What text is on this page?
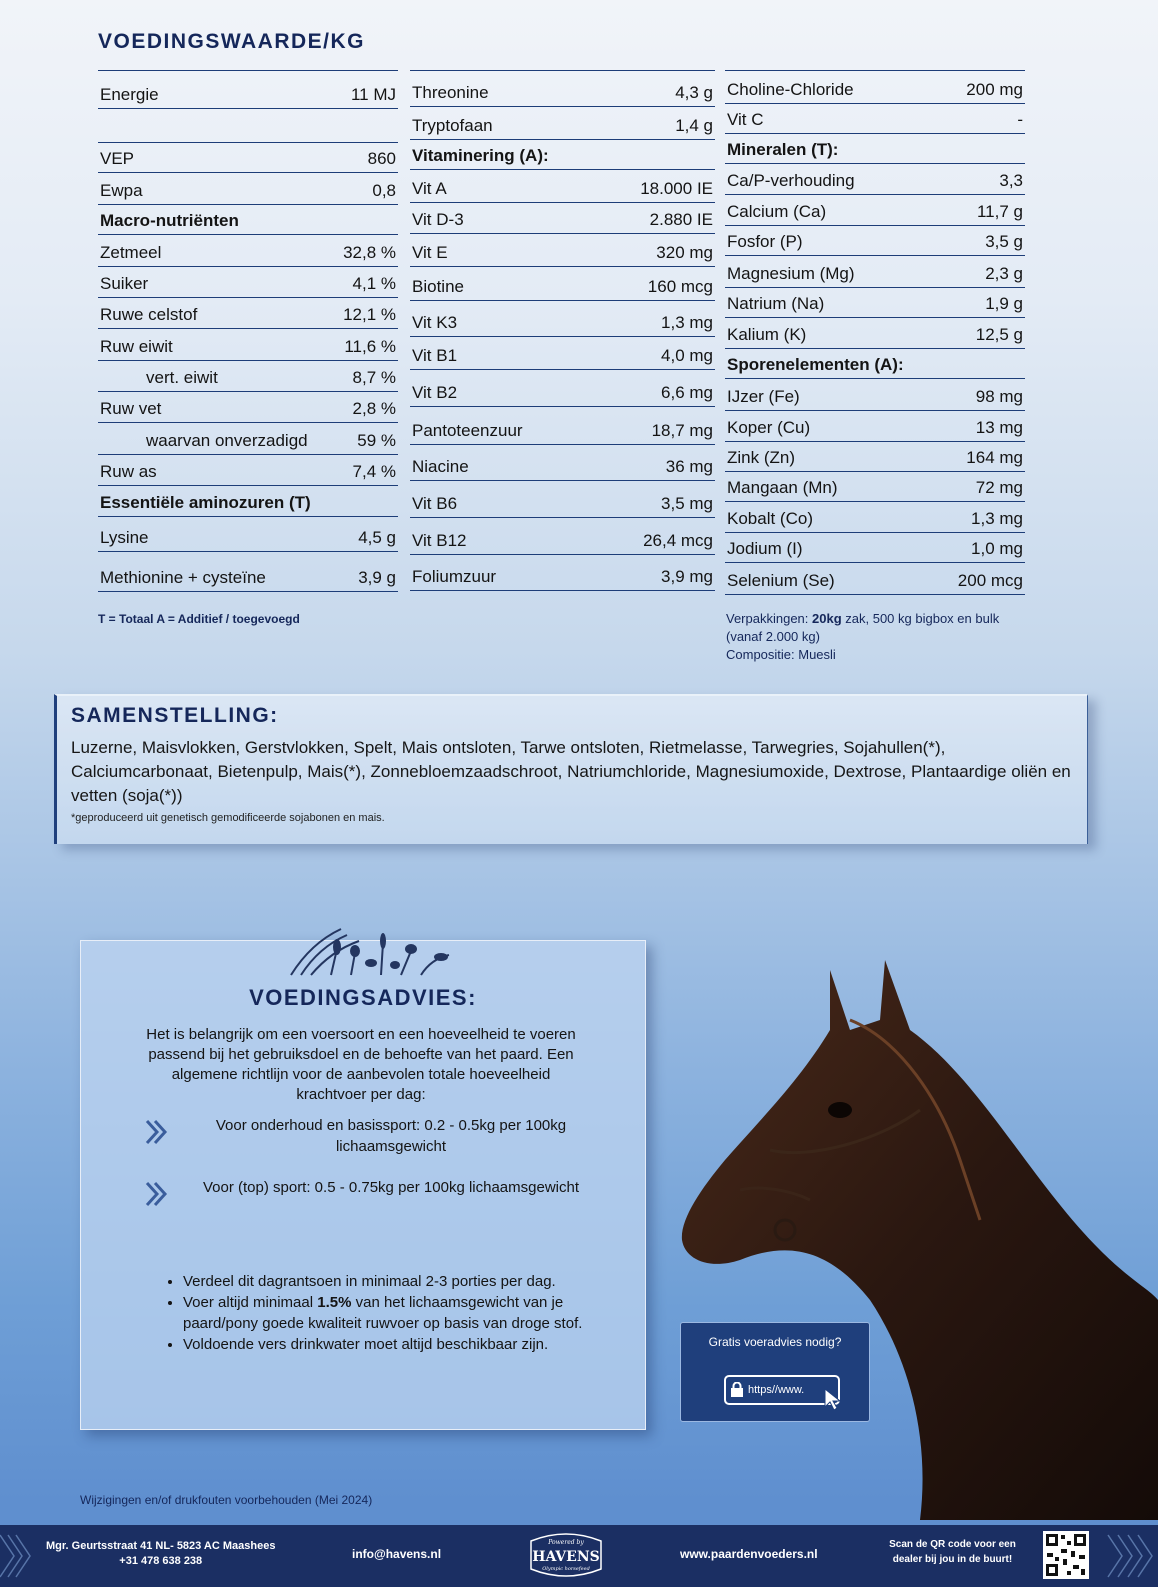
VOEDINGSWAARDE/KG
Energie	11 MJ
VEP	860
Ewpa	0,8
Macro-nutriënten
Zetmeel	32,8 %
Suiker	4,1 %
Ruwe celstof	12,1 %
Ruw eiwit	11,6 %
vert. eiwit	8,7 %
Ruw vet	2,8 %
waarvan onverzadigd	59 %
Ruw as	7,4 %
Essentiële aminozuren (T)
Lysine	4,5 g
Methionine + cysteïne	3,9 g
Threonine	4,3 g
Tryptofaan	1,4 g
Vitaminering (A):
Vit A	18.000 IE
Vit D-3	2.880 IE
Vit E	320 mg
Biotine	160 mcg
Vit K3	1,3 mg
Vit B1	4,0 mg
Vit B2	6,6 mg
Pantoteenzuur	18,7 mg
Niacine	36 mg
Vit B6	3,5 mg
Vit B12	26,4 mcg
Foliumzuur	3,9 mg
Choline-Chloride	200 mg
Vit C	-
Mineralen (T):
Ca/P-verhouding	3,3
Calcium (Ca)	11,7 g
Fosfor (P)	3,5 g
Magnesium (Mg)	2,3 g
Natrium (Na)	1,9 g
Kalium (K)	12,5 g
Sporenelementen (A):
IJzer (Fe)	98 mg
Koper (Cu)	13 mg
Zink (Zn)	164 mg
Mangaan (Mn)	72 mg
Kobalt (Co)	1,3 mg
Jodium (I)	1,0 mg
Selenium (Se)	200 mcg
T = Totaal A = Additief / toegevoegd	Verpakkingen: 20kg zak, 500 kg bigbox en bulk (vanaf 2.000 kg)
Compositie: Muesli
SAMENSTELLING:
Luzerne, Maisvlokken, Gerstvlokken, Spelt, Mais ontsloten, Tarwe ontsloten, Rietmelasse, Tarwegries, Sojahullen(*), Calciumcarbonaat, Bietenpulp, Mais(*), Zonnebloemzaadschroot, Natriumchloride, Magnesiumoxide, Dextrose, Plantaardige oliën en vetten (soja(*))
*geproduceerd uit genetisch gemodificeerde sojabonen en mais.
VOEDINGSADVIES:
Het is belangrijk om een voersoort en een hoeveelheid te voeren passend bij het gebruiksdoel en de behoefte van het paard. Een algemene richtlijn voor de aanbevolen totale hoeveelheid krachtvoer per dag:
Voor onderhoud en basissport: 0.2 - 0.5kg per 100kg lichaamsgewicht
Voor (top) sport: 0.5 - 0.75kg per 100kg lichaamsgewicht
• Verdeel dit dagrantsoen in minimaal 2-3 porties per dag.
• Voer altijd minimaal 1.5% van het lichaamsgewicht van je paard/pony goede kwaliteit ruwvoer op basis van droge stof.
• Voldoende vers drinkwater moet altijd beschikbaar zijn.	Gratis voeradvies nodig?
https//www.
Wijzigingen en/of drukfouten voorbehouden (Mei 2024)
Mgr. Geurtsstraat 41 NL- 5823 AC Maashees
+31 478 638 238	info@havens.nl
Powered by
HAVENS
Olympic horsefeed
www.paardenvoeders.nl
Scan de QR code voor een dealer bij jou in de buurt!
